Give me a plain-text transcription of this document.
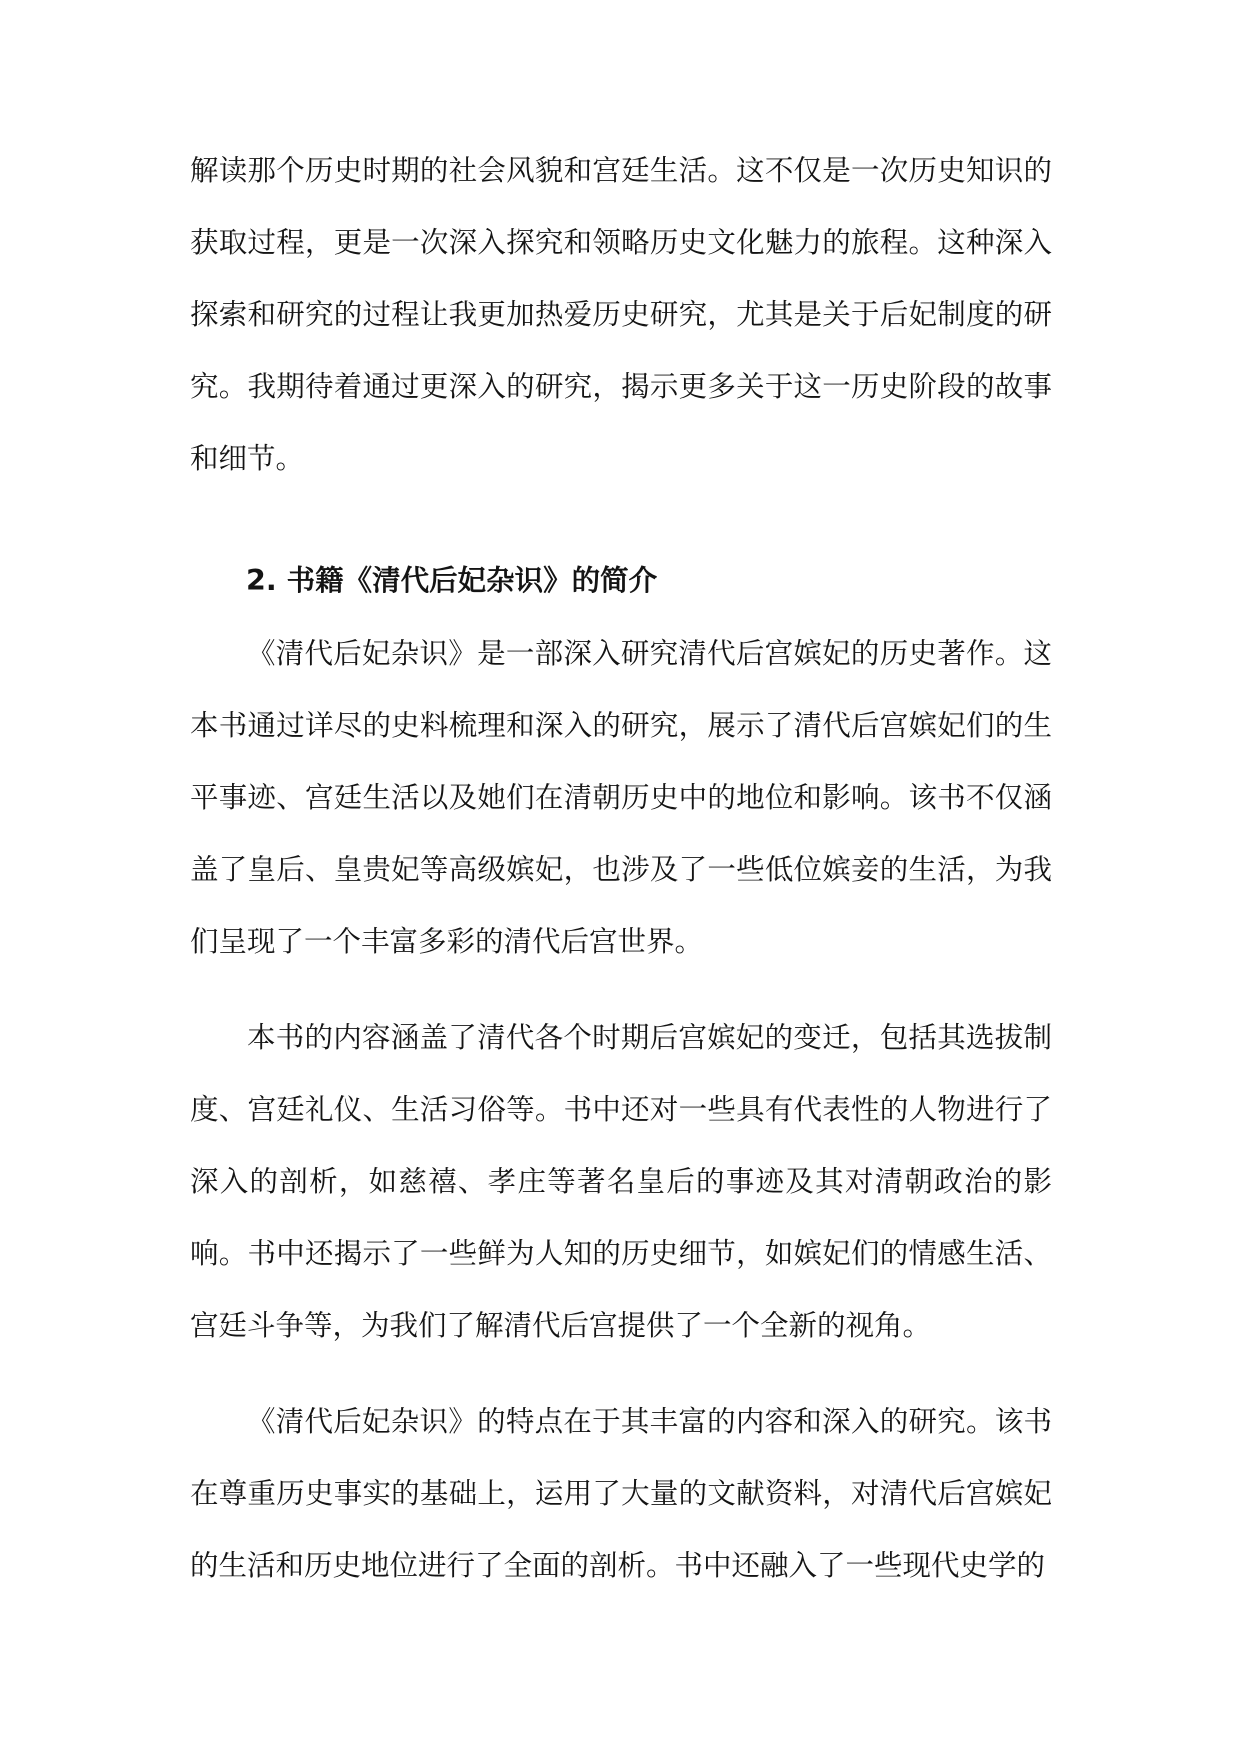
解读那个历史时期的社会风貌和宫廷生活。这不仅是一次历史知识的获取过程，更是一次深入探究和领略历史文化魅力的旅程。这种深入探索和研究的过程让我更加热爱历史研究，尤其是关于后妃制度的研究。我期待着通过更深入的研究，揭示更多关于这一历史阶段的故事和细节。

2. 书籍《清代后妃杂识》的简介

《清代后妃杂识》是一部深入研究清代后宫嫔妃的历史著作。这本书通过详尽的史料梳理和深入的研究，展示了清代后宫嫔妃们的生平事迹、宫廷生活以及她们在清朝历史中的地位和影响。该书不仅涵盖了皇后、皇贵妃等高级嫔妃，也涉及了一些低位嫔妾的生活，为我们呈现了一个丰富多彩的清代后宫世界。

本书的内容涵盖了清代各个时期后宫嫔妃的变迁，包括其选拔制度、宫廷礼仪、生活习俗等。书中还对一些具有代表性的人物进行了深入的剖析，如慈禧、孝庄等著名皇后的事迹及其对清朝政治的影响。书中还揭示了一些鲜为人知的历史细节，如嫔妃们的情感生活、宫廷斗争等，为我们了解清代后宫提供了一个全新的视角。

《清代后妃杂识》的特点在于其丰富的内容和深入的研究。该书在尊重历史事实的基础上，运用了大量的文献资料，对清代后宫嫔妃的生活和历史地位进行了全面的剖析。书中还融入了一些现代史学的
